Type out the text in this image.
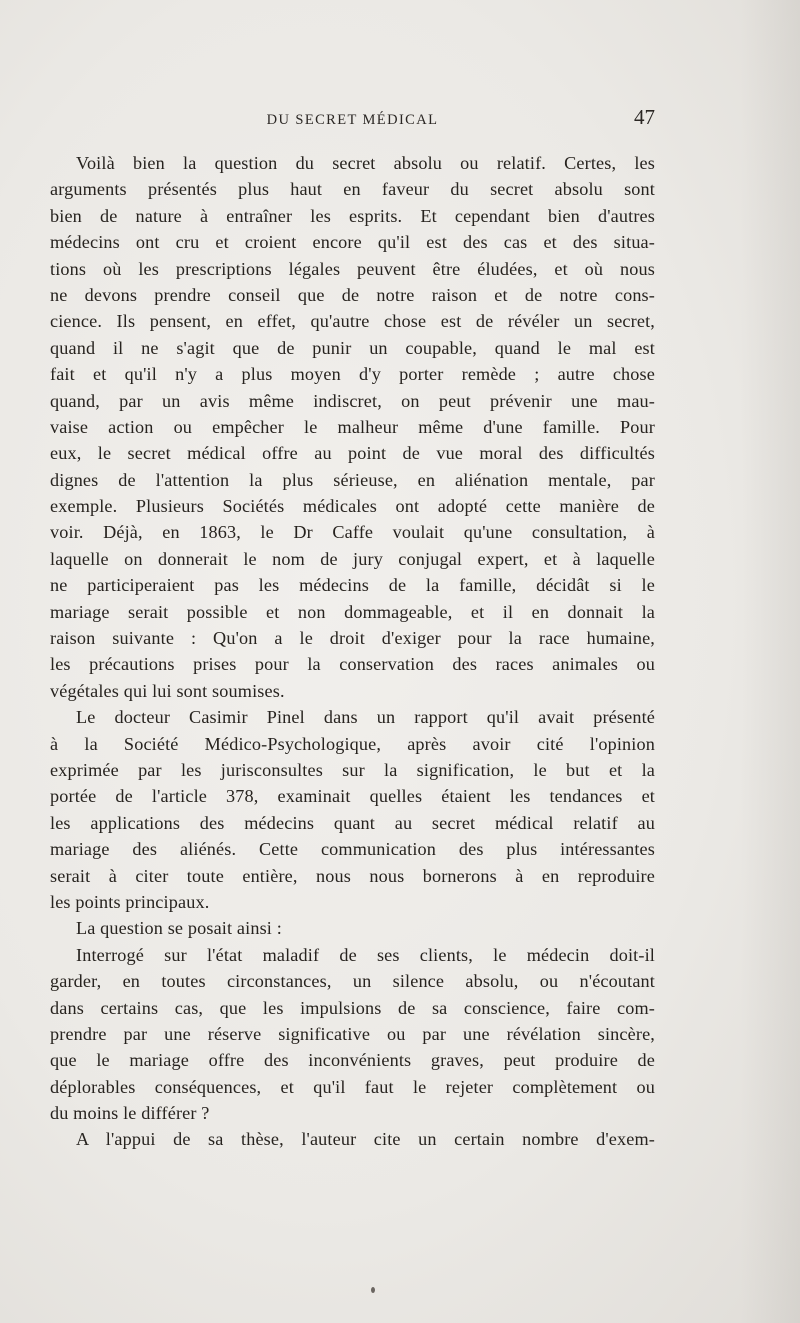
DU SECRET MÉDICAL	47
Voilà bien la question du secret absolu ou relatif. Certes, les
arguments présentés plus haut en faveur du secret absolu sont
bien de nature à entraîner les esprits. Et cependant bien d'autres
médecins ont cru et croient encore qu'il est des cas et des situa-
tions où les prescriptions légales peuvent être éludées, et où nous
ne devons prendre conseil que de notre raison et de notre cons-
cience. Ils pensent, en effet, qu'autre chose est de révéler un secret,
quand il ne s'agit que de punir un coupable, quand le mal est
fait et qu'il n'y a plus moyen d'y porter remède ; autre chose
quand, par un avis même indiscret, on peut prévenir une mau-
vaise action ou empêcher le malheur même d'une famille. Pour
eux, le secret médical offre au point de vue moral des difficultés
dignes de l'attention la plus sérieuse, en aliénation mentale, par
exemple. Plusieurs Sociétés médicales ont adopté cette manière de
voir. Déjà, en 1863, le Dr Caffe voulait qu'une consultation, à
laquelle on donnerait le nom de jury conjugal expert, et à laquelle
ne participeraient pas les médecins de la famille, décidât si le
mariage serait possible et non dommageable, et il en donnait la
raison suivante : Qu'on a le droit d'exiger pour la race humaine,
les précautions prises pour la conservation des races animales ou
végétales qui lui sont soumises.
Le docteur Casimir Pinel dans un rapport qu'il avait présenté
à la Société Médico-Psychologique, après avoir cité l'opinion
exprimée par les jurisconsultes sur la signification, le but et la
portée de l'article 378, examinait quelles étaient les tendances et
les applications des médecins quant au secret médical relatif au
mariage des aliénés. Cette communication des plus intéressantes
serait à citer toute entière, nous nous bornerons à en reproduire
les points principaux.
La question se posait ainsi :
Interrogé sur l'état maladif de ses clients, le médecin doit-il
garder, en toutes circonstances, un silence absolu, ou n'écoutant
dans certains cas, que les impulsions de sa conscience, faire com-
prendre par une réserve significative ou par une révélation sincère,
que le mariage offre des inconvénients graves, peut produire de
déplorables conséquences, et qu'il faut le rejeter complètement ou
du moins le différer ?
A l'appui de sa thèse, l'auteur cite un certain nombre d'exem-
